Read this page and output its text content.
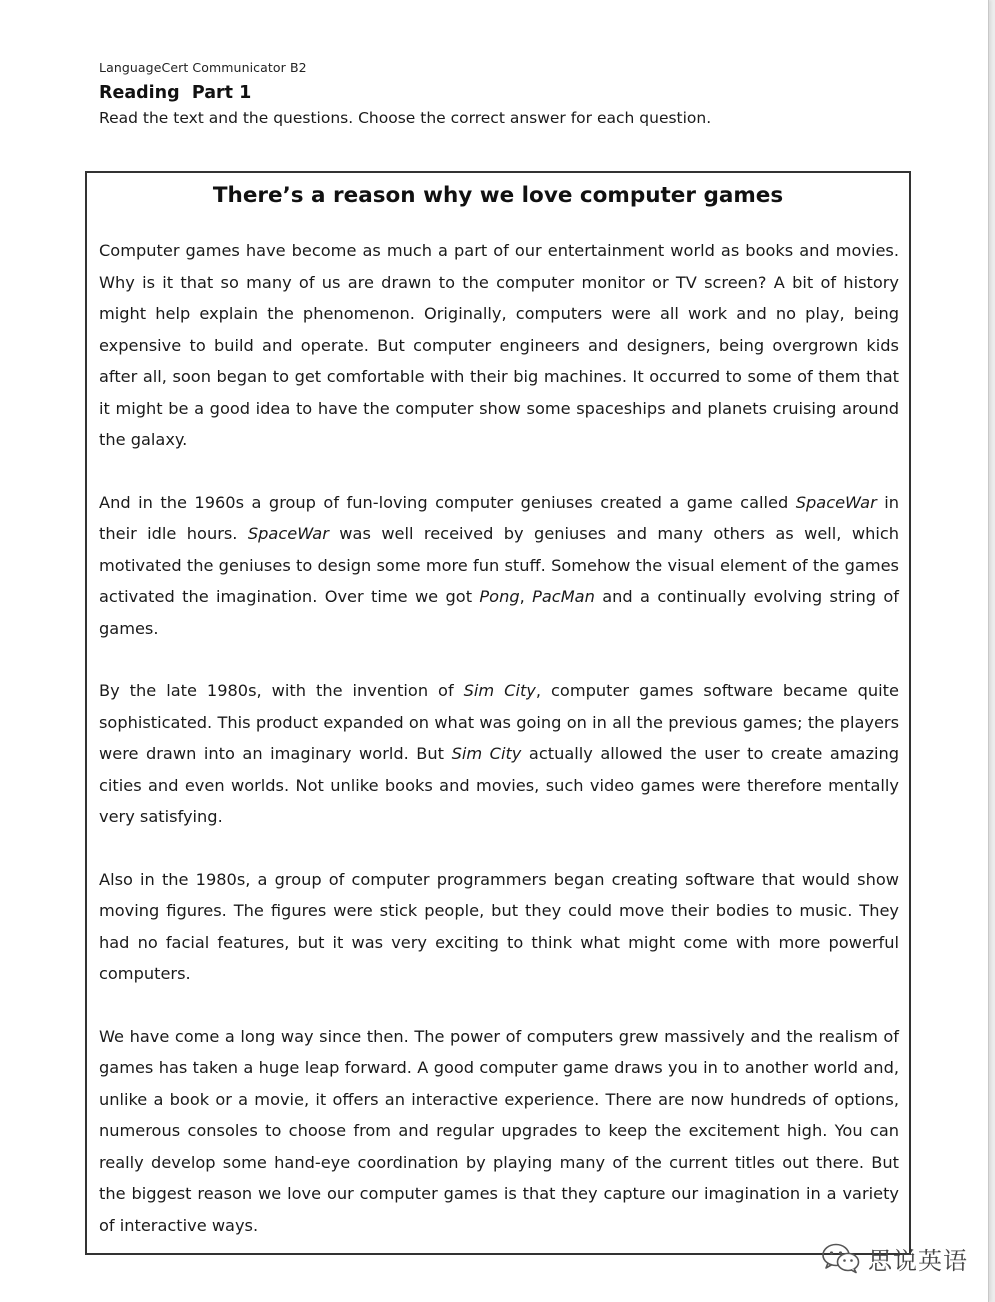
LanguageCert Communicator B2

Reading  Part 1

Read the text and the questions. Choose the correct answer for each question.

There’s a reason why we love computer games

Computer games have become as much a part of our entertainment world as books and movies. Why is it that so many of us are drawn to the computer monitor or TV screen? A bit of history might help explain the phenomenon. Originally, computers were all work and no play, being expensive to build and operate. But computer engineers and designers, being overgrown kids after all, soon began to get comfortable with their big machines. It occurred to some of them that it might be a good idea to have the computer show some spaceships and planets cruising around the galaxy.

And in the 1960s a group of fun-loving computer geniuses created a game called SpaceWar in their idle hours. SpaceWar was well received by geniuses and many others as well, which motivated the geniuses to design some more fun stuff. Somehow the visual element of the games activated the imagination. Over time we got Pong, PacMan and a continually evolving string of games.

By the late 1980s, with the invention of Sim City, computer games software became quite sophisticated. This product expanded on what was going on in all the previous games; the players were drawn into an imaginary world. But Sim City actually allowed the user to create amazing cities and even worlds. Not unlike books and movies, such video games were therefore mentally very satisfying.

Also in the 1980s, a group of computer programmers began creating software that would show moving figures. The figures were stick people, but they could move their bodies to music. They had no facial features, but it was very exciting to think what might come with more powerful computers.

We have come a long way since then. The power of computers grew massively and the realism of games has taken a huge leap forward. A good computer game draws you in to another world and, unlike a book or a movie, it offers an interactive experience. There are now hundreds of options, numerous consoles to choose from and regular upgrades to keep the excitement high. You can really develop some hand-eye coordination by playing many of the current titles out there. But the biggest reason we love our computer games is that they capture our imagination in a variety of interactive ways.

思说英语
